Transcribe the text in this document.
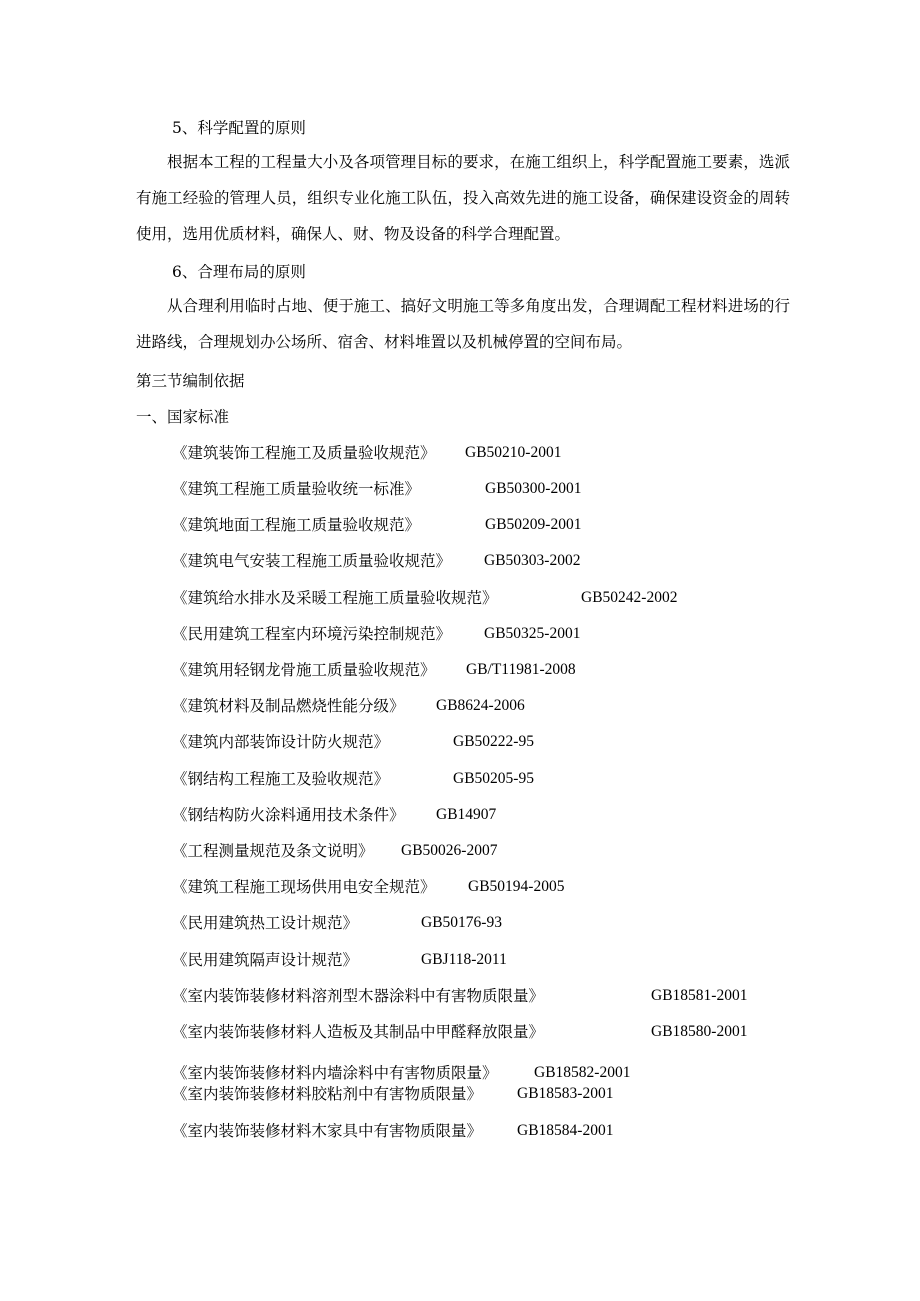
5、科学配置的原则
根据本工程的工程量大小及各项管理目标的要求，在施工组织上，科学配置施工要素，选派有施工经验的管理人员，组织专业化施工队伍，投入高效先进的施工设备，确保建设资金的周转使用，选用优质材料，确保人、财、物及设备的科学合理配置。
6、合理布局的原则
从合理利用临时占地、便于施工、搞好文明施工等多角度出发，合理调配工程材料进场的行进路线，合理规划办公场所、宿舍、材料堆置以及机械停置的空间布局。
第三节编制依据
一、国家标准
《建筑装饰工程施工及质量验收规范》 GB50210-2001
《建筑工程施工质量验收统一标准》	GB50300-2001
《建筑地面工程施工质量验收规范》	GB50209-2001
《建筑电气安装工程施工质量验收规范》 GB50303-2002
《建筑给水排水及采暖工程施工质量验收规范》	GB50242-2002
《民用建筑工程室内环境污染控制规范》 GB50325-2001
《建筑用轻钢龙骨施工质量验收规范》 GB/T11981-2008
《建筑材料及制品燃烧性能分级》 GB8624-2006
《建筑内部装饰设计防火规范》	GB50222-95
《钢结构工程施工及验收规范》	GB50205-95
《钢结构防火涂料通用技术条件》 GB14907
《工程测量规范及条文说明》 GB50026-2007
《建筑工程施工现场供用电安全规范》 GB50194-2005
《民用建筑热工设计规范》	GB50176-93
《民用建筑隔声设计规范》	GBJ118-2011
《室内装饰装修材料溶剂型木器涂料中有害物质限量》	GB18581-2001
《室内装饰装修材料人造板及其制品中甲醛释放限量》	GB18580-2001
《室内装饰装修材料内墙涂料中有害物质限量》 GB18582-2001
《室内装饰装修材料胶粘剂中有害物质限量》 GB18583-2001
《室内装饰装修材料木家具中有害物质限量》 GB18584-2001
